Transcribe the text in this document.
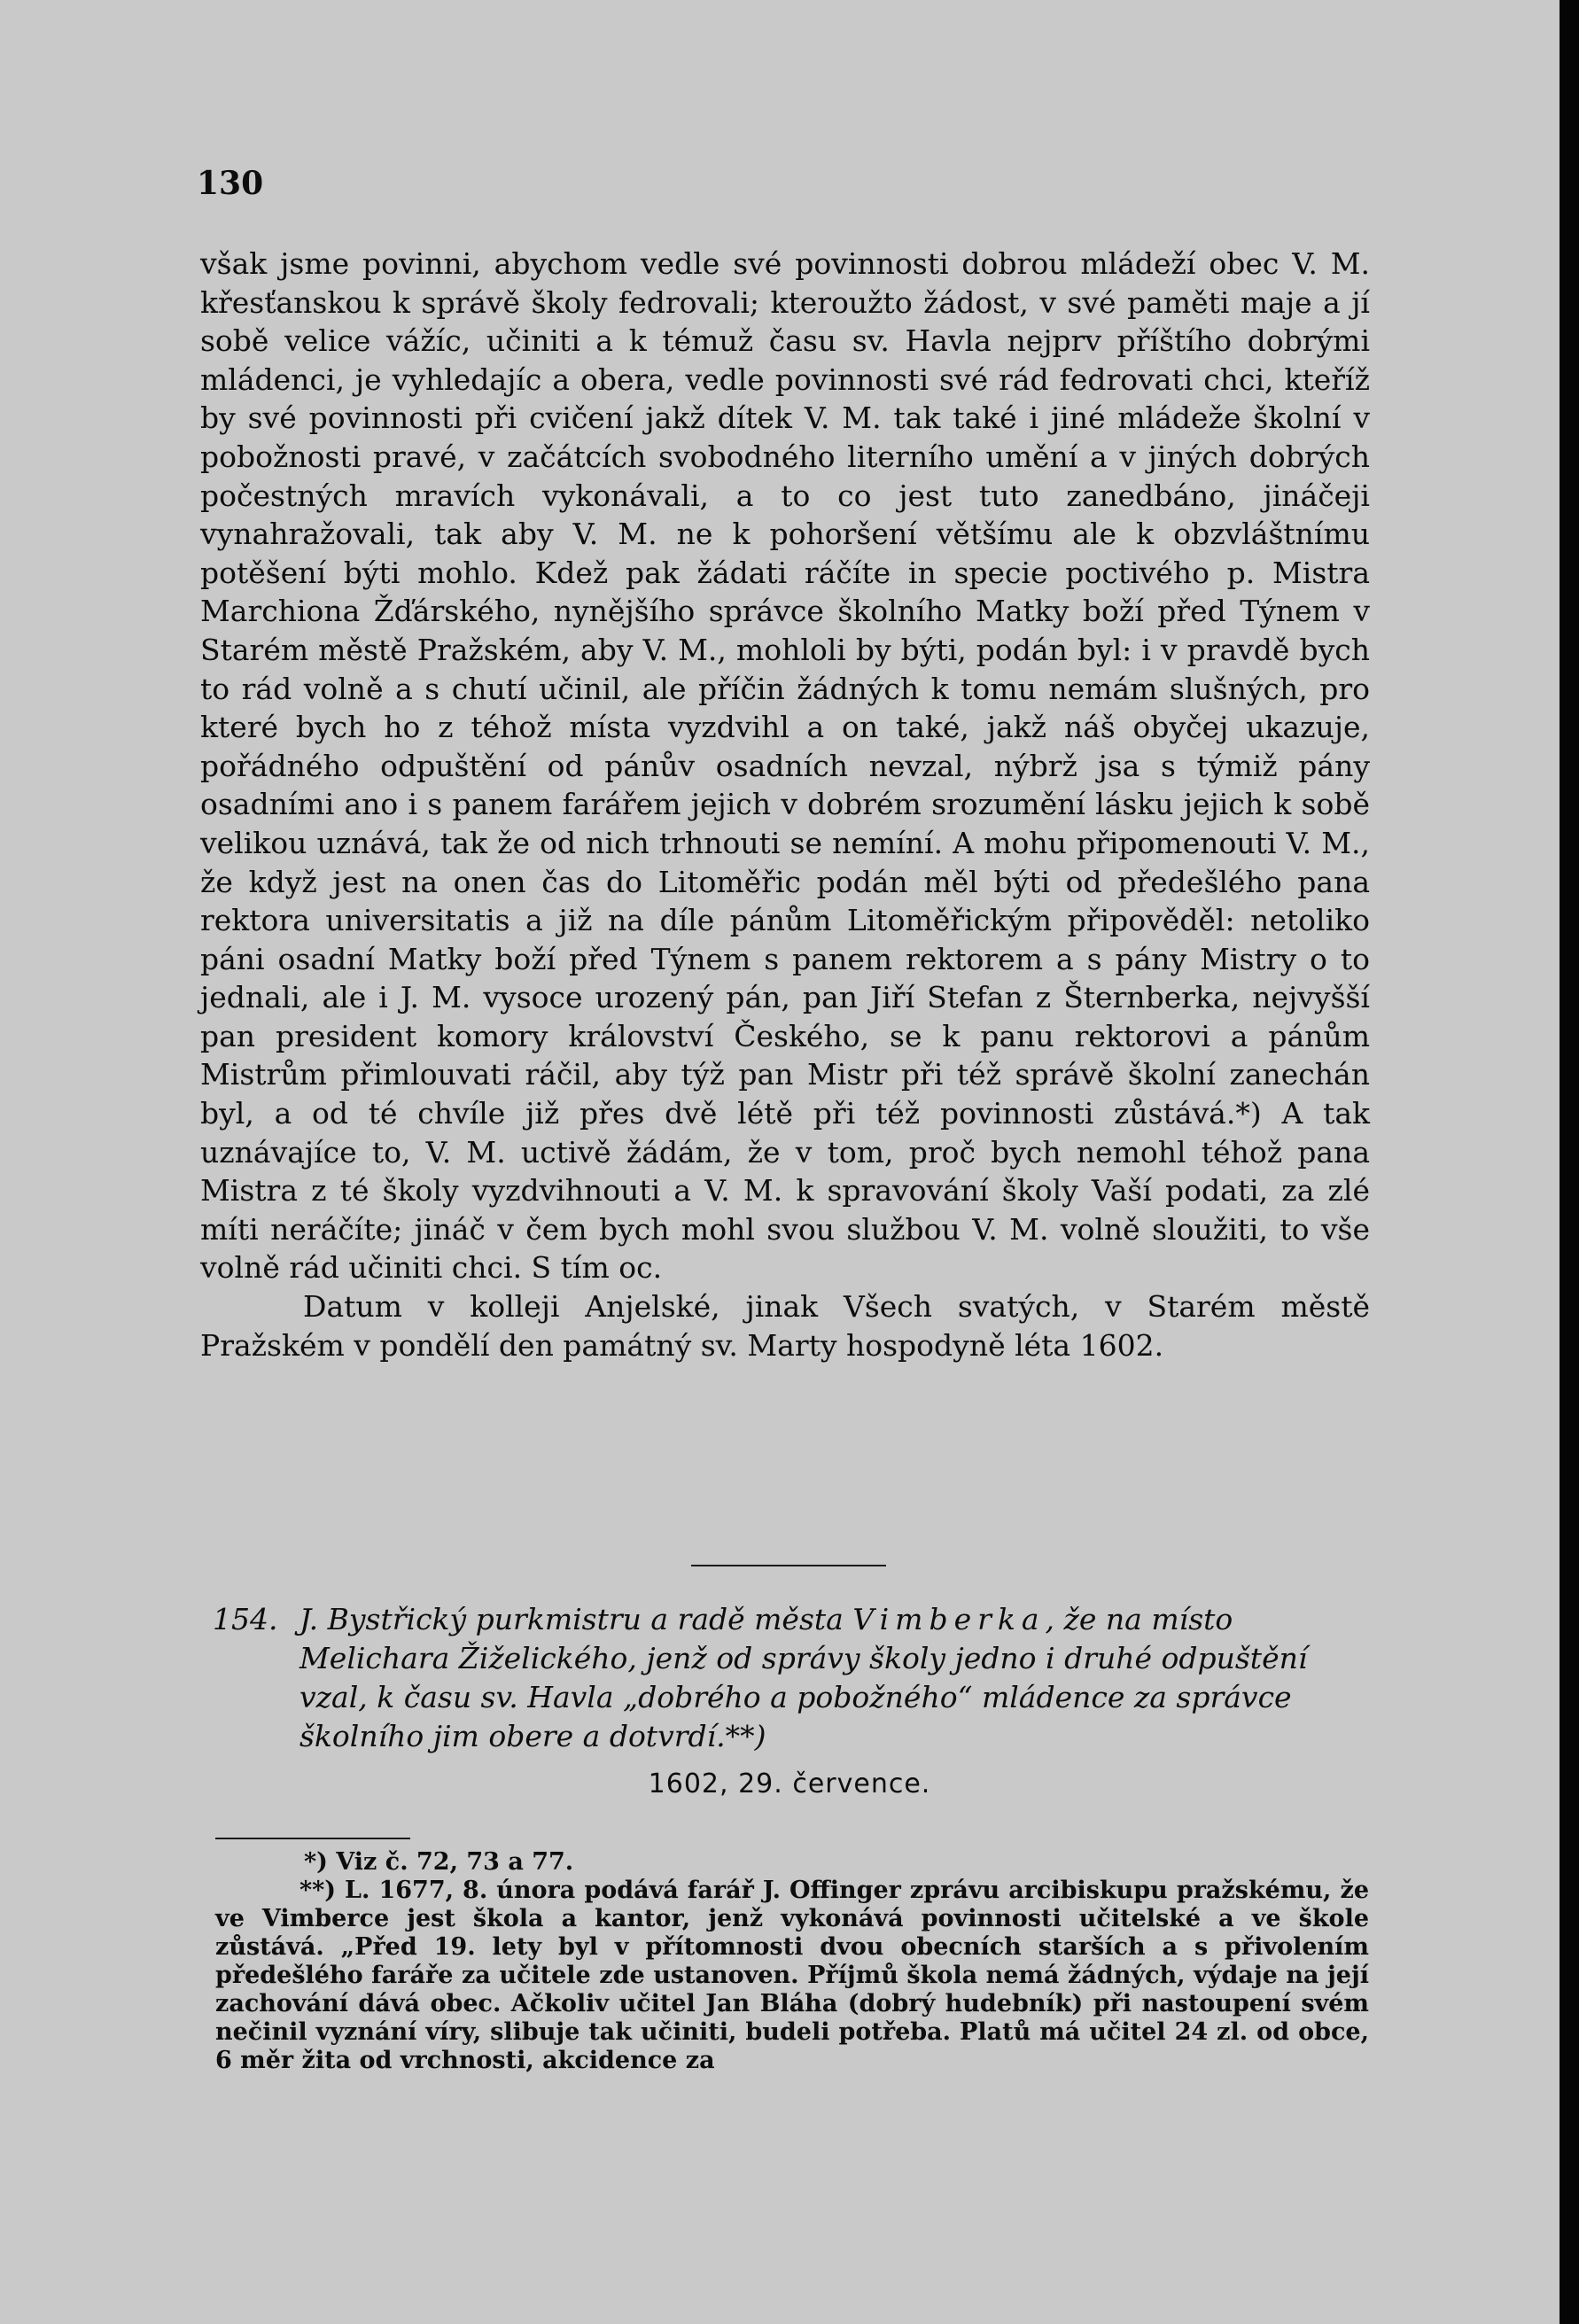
130

však jsme povinni, abychom vedle své povinnosti dobrou mládeží obec V. M. křesťanskou k správě školy fedrovali; kteroužto žádost, v své paměti maje a jí sobě velice vážíc, učiniti a k témuž času sv. Havla nejprv příštího dobrými mládenci, je vyhledajíc a obera, vedle povinnosti své rád fedrovati chci, kteříž by své povinnosti při cvičení jakž dítek V. M. tak také i jiné mládeže školní v pobožnosti pravé, v začátcích svobodného literního umění a v jiných dobrých počestných mravích vykonávali, a to co jest tuto zanedbáno, jináčeji vynahražovali, tak aby V. M. ne k pohoršení většímu ale k obzvláštnímu potěšení býti mohlo. Kdež pak žádati ráčíte in specie poctivého p. Mistra Marchiona Žďárského, nynějšího správce školního Matky boží před Týnem v Starém městě Pražském, aby V. M., mohloli by býti, podán byl: i v pravdě bych to rád volně a s chutí učinil, ale příčin žádných k tomu nemám slušných, pro které bych ho z téhož místa vyzdvihl a on také, jakž náš obyčej ukazuje, pořádného odpuštění od pánův osadních nevzal, nýbrž jsa s týmiž pány osadními ano i s panem farářem jejich v dobrém srozumění lásku jejich k sobě velikou uznává, tak že od nich trhnouti se nemíní. A mohu připomenouti V. M., že když jest na onen čas do Litoměřic podán měl býti od předešlého pana rektora universitatis a již na díle pánům Litoměřickým připověděl: netoliko páni osadní Matky boží před Týnem s panem rektorem a s pány Mistry o to jednali, ale i J. M. vysoce urozený pán, pan Jiří Stefan z Šternberka, nejvyšší pan president komory království Českého, se k panu rektorovi a pánům Mistrům přimlouvati ráčil, aby týž pan Mistr při též správě školní zanechán byl, a od té chvíle již přes dvě létě při též povinnosti zůstává.*) A tak uznávajíce to, V. M. uctivě žádám, že v tom, proč bych nemohl téhož pana Mistra z té školy vyzdvihnouti a V. M. k spravování školy Vaší podati, za zlé míti neráčíte; jináč v čem bych mohl svou službou V. M. volně sloužiti, to vše volně rád učiniti chci. S tím oc.

Datum v kolleji Anjelské, jinak Všech svatých, v Starém městě Pražském v pondělí den památný sv. Marty hospodyně léta 1602.

154. J. Bystřický purkmistru a radě města Vimberka, že na místo
Melichara Žiželického, jenž od správy školy jedno i druhé odpuštění vzal, k času sv. Havla „dobrého a pobožného“ mládence za správce školního jim obere a dotvrdí.**)
1602, 29. července.

*) Viz č. 72, 73 a 77.

**) L. 1677, 8. února podává farář J. Offinger zprávu arcibiskupu pražskému, že ve Vimberce jest škola a kantor, jenž vykonává povinnosti učitelské a ve škole zůstává. „Před 19. lety byl v přítomnosti dvou obecních starších a s přivolením předešlého faráře za učitele zde ustanoven. Příjmů škola nemá žádných, výdaje na její zachování dává obec. Ačkoliv učitel Jan Bláha (dobrý hudebník) při nastoupení svém nečinil vyznání víry, slibuje tak učiniti, budeli potřeba. Platů má učitel 24 zl. od obce, 6 měr žita od vrchnosti, akcidence za
